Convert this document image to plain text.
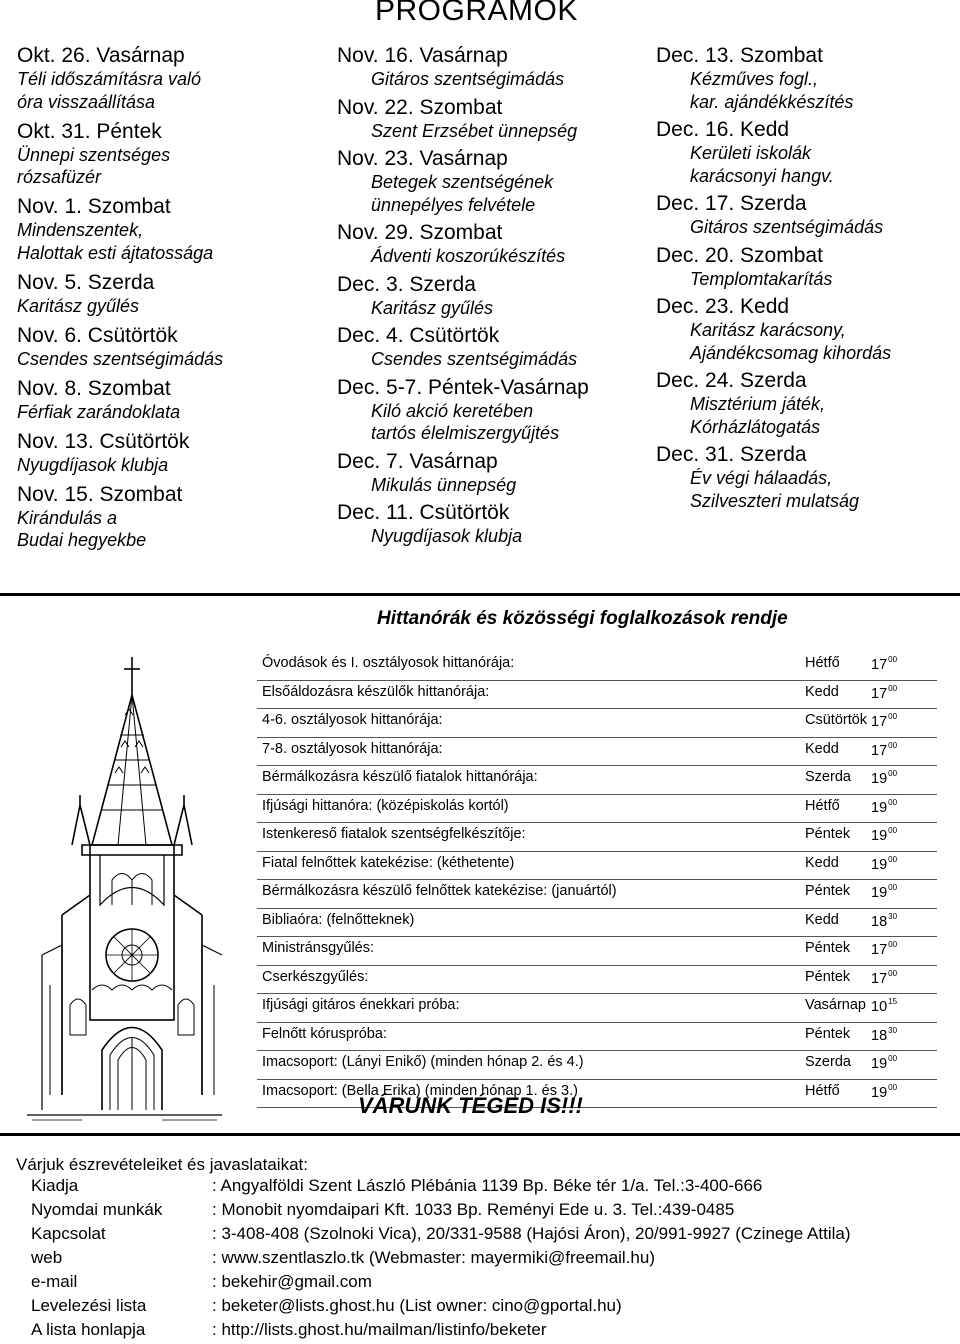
PROGRAMOK
Okt. 26. Vasárnap
Téli időszámításra való
óra visszaállítása
Okt. 31. Péntek
Ünnepi szentséges
rózsafüzér
Nov. 1. Szombat
Mindenszentek,
Halottak esti ájtatossága
Nov. 5. Szerda
Karitász gyűlés
Nov. 6. Csütörtök
Csendes szentségimádás
Nov. 8. Szombat
Férfiak zarándoklata
Nov. 13. Csütörtök
Nyugdíjasok klubja
Nov. 15. Szombat
Kirándulás a
Budai hegyekbe
Nov. 16. Vasárnap
Gitáros szentségimádás
Nov. 22. Szombat
Szent Erzsébet ünnepség
Nov. 23. Vasárnap
Betegek szentségének
ünnepélyes felvétele
Nov. 29. Szombat
Ádventi koszorúkészítés
Dec. 3. Szerda
Karitász gyűlés
Dec. 4. Csütörtök
Csendes szentségimádás
Dec. 5-7. Péntek-Vasárnap
Kiló akció keretében
tartós élelmiszergyűjtés
Dec. 7. Vasárnap
Mikulás ünnepség
Dec. 11. Csütörtök
Nyugdíjasok klubja
Dec. 13. Szombat
Kézműves fogl.,
kar. ajándékkészítés
Dec. 16. Kedd
Kerületi iskolák
karácsonyi hangv.
Dec. 17. Szerda
Gitáros szentségimádás
Dec. 20. Szombat
Templomtakarítás
Dec. 23. Kedd
Karitász karácsony,
Ajándékcsomag kihordás
Dec. 24. Szerda
Misztérium játék,
Kórházlátogatás
Dec. 31. Szerda
Év végi hálaadás,
Szilveszteri mulatság
Hittanórák és közösségi foglalkozások rendje
Óvodások és I. osztályosok hittanórája:	Hétfő $17^{00}$
Elsőáldozásra készülők hittanórája:	Kedd $17^{00}$
4-6. osztályosok hittanórája:	Csütörtök $17^{00}$
7-8. osztályosok hittanórája:	Kedd $17^{00}$
Bérmálkozásra készülő fiatalok hittanórája:	Szerda $19^{00}$
Ifjúsági hittanóra: (középiskolás kortól)	Hétfő $19^{00}$
Istenkereső fiatalok szentségfelkészítője:	Péntek $19^{00}$
Fiatal felnőttek katekézise: (kéthetente)	Kedd $19^{00}$
Bérmálkozásra készülő felnőttek katekézise: (januártól)	Péntek $19^{00}$
Bibliaóra: (felnőtteknek)	Kedd $18^{30}$
Ministránsgyűlés:	Péntek $17^{00}$
Cserkészgyűlés:	Péntek $17^{00}$
Ifjúsági gitáros énekkari próba:	Vasárnap $10^{15}$
Felnőtt kóruspróba:	Péntek $18^{30}$
Imacsoport: (Lányi Enikő) (minden hónap 2. és 4.)	Szerda $19^{00}$
Imacsoport: (Bella Erika) (minden hónap 1. és 3.)	Hétfő $19^{00}$
VÁRUNK TÉGED IS!!!
Várjuk észrevételeiket és javaslataikat:
Kiadja	: Angyalföldi Szent László Plébánia 1139 Bp. Béke tér 1/a. Tel.:3-400-666
Nyomdai munkák	: Monobit nyomdaipari Kft. 1033 Bp. Reményi Ede u. 3. Tel.:439-0485
Kapcsolat	: 3-408-408 (Szolnoki Vica), 20/331-9588 (Hajósi Áron), 20/991-9927 (Czinege Attila)
web	: www.szentlaszlo.tk (Webmaster: mayermiki@freemail.hu)
e-mail	: bekehir@gmail.com
Levelezési lista	: beketer@lists.ghost.hu (List owner: cino@gportal.hu)
A lista honlapja	: http://lists.ghost.hu/mailman/listinfo/beketer
